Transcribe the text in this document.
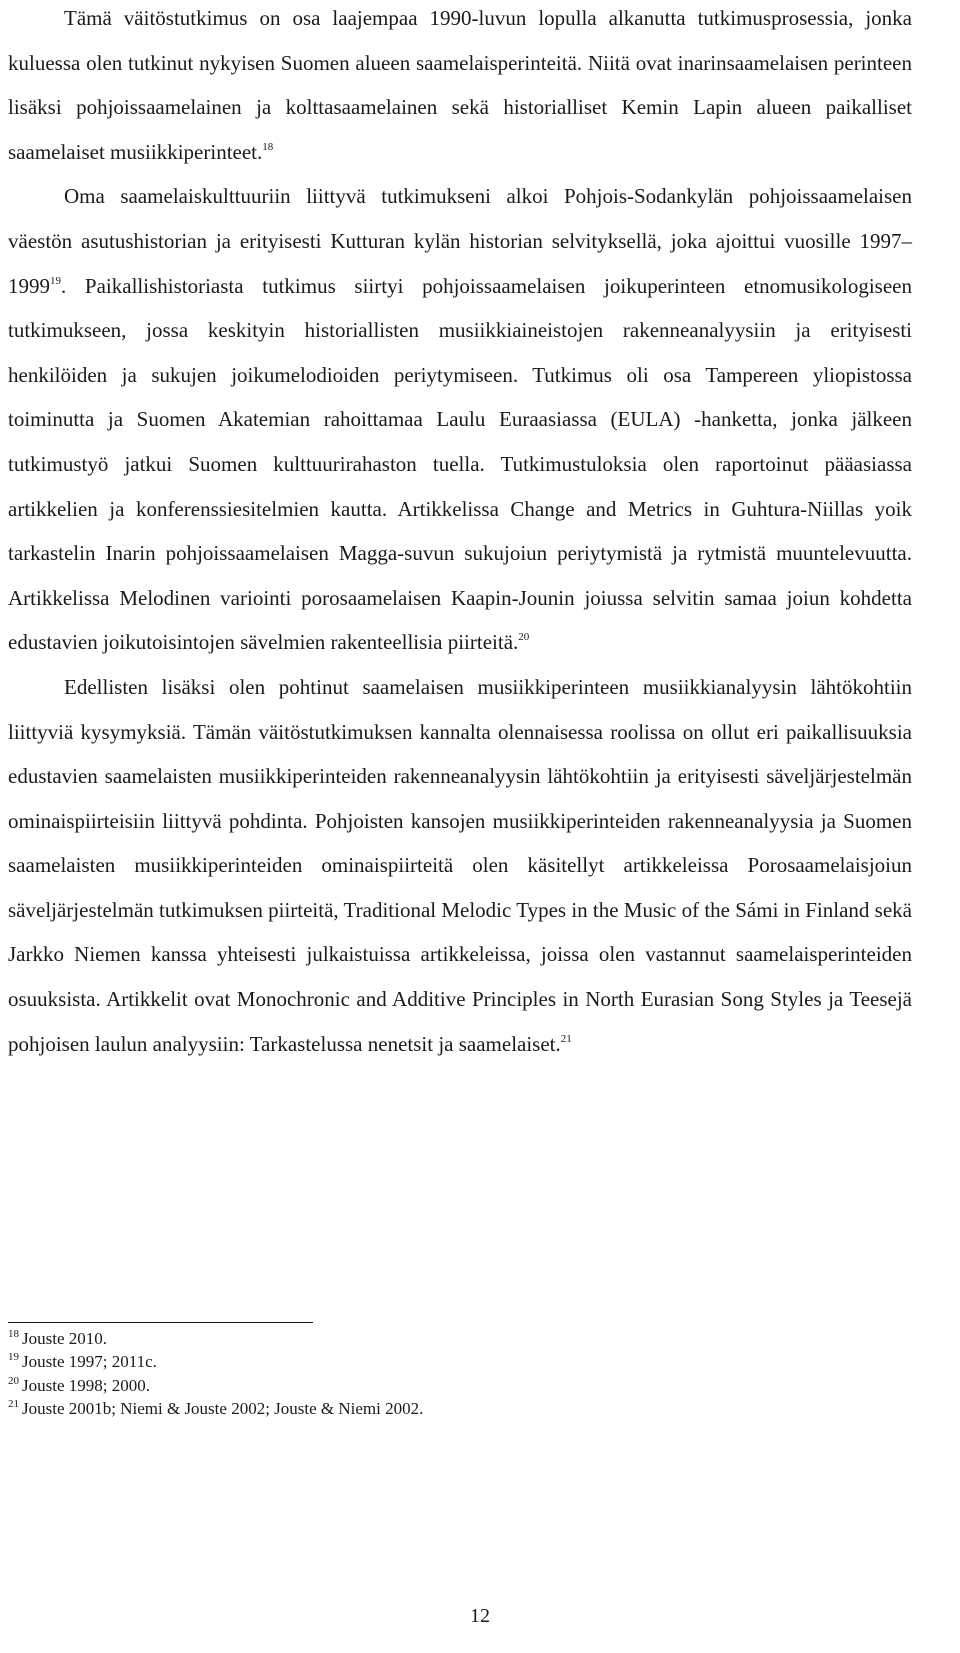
Tämä väitöstutkimus on osa laajempaa 1990-luvun lopulla alkanutta tutkimusprosessia, jonka kuluessa olen tutkinut nykyisen Suomen alueen saamelaisperinteitä. Niitä ovat inarinsaamelaisen perinteen lisäksi pohjoissaamelainen ja kolttasaamelainen sekä historialliset Kemin Lapin alueen paikalliset saamelaiset musiikkiperinteet.$^{18}$

Oma saamelaiskulttuuriin liittyvä tutkimukseni alkoi Pohjois-Sodankylän pohjoissaamelaisen väestön asutushistorian ja erityisesti Kutturan kylän historian selvityksellä, joka ajoittui vuosille 1997–1999$^{19}$. Paikallishistoriasta tutkimus siirtyi pohjoissaamelaisen joikuperinteen etnomusikologiseen tutkimukseen, jossa keskityin historiallisten musiikkiaineistojen rakenneanalyysiin ja erityisesti henkilöiden ja sukujen joikumelodioiden periytymiseen. Tutkimus oli osa Tampereen yliopistossa toiminutta ja Suomen Akatemian rahoittamaa Laulu Euraasiassa (EULA) -hanketta, jonka jälkeen tutkimustyö jatkui Suomen kulttuurirahaston tuella. Tutkimustuloksia olen raportoinut pääasiassa artikkelien ja konferenssiesitelmien kautta. Artikkelissa Change and Metrics in Guhtura-Niillas yoik tarkastelin Inarin pohjoissaamelaisen Magga-suvun sukujoiun periytymistä ja rytmistä muuntelevuutta. Artikkelissa Melodinen variointi porosaamelaisen Kaapin-Jounin joiussa selvitin samaa joiun kohdetta edustavien joikutoisintojen sävelmien rakenteellisia piirteitä.$^{20}$

Edellisten lisäksi olen pohtinut saamelaisen musiikkiperinteen musiikkianalyysin lähtökohtiin liittyviä kysymyksiä. Tämän väitöstutkimuksen kannalta olennaisessa roolissa on ollut eri paikallisuuksia edustavien saamelaisten musiikkiperinteiden rakenneanalyysin lähtökohtiin ja erityisesti säveljärjestelmän ominaispiirteisiin liittyvä pohdinta. Pohjoisten kansojen musiikkiperinteiden rakenneanalyysia ja Suomen saamelaisten musiikkiperinteiden ominaispiirteitä olen käsitellyt artikkeleissa Porosaamelaisjoiun säveljärjestelmän tutkimuksen piirteitä, Traditional Melodic Types in the Music of the Sámi in Finland sekä Jarkko Niemen kanssa yhteisesti julkaistuissa artikkeleissa, joissa olen vastannut saamelaisperinteiden osuuksista. Artikkelit ovat Monochronic and Additive Principles in North Eurasian Song Styles ja Teesejä pohjoisen laulun analyysiin: Tarkastelussa nenetsit ja saamelaiset.$^{21}$

$^{18}$ Jouste 2010.

$^{19}$ Jouste 1997; 2011c.

$^{20}$ Jouste 1998; 2000.

$^{21}$ Jouste 2001b; Niemi & Jouste 2002; Jouste & Niemi 2002.

12
